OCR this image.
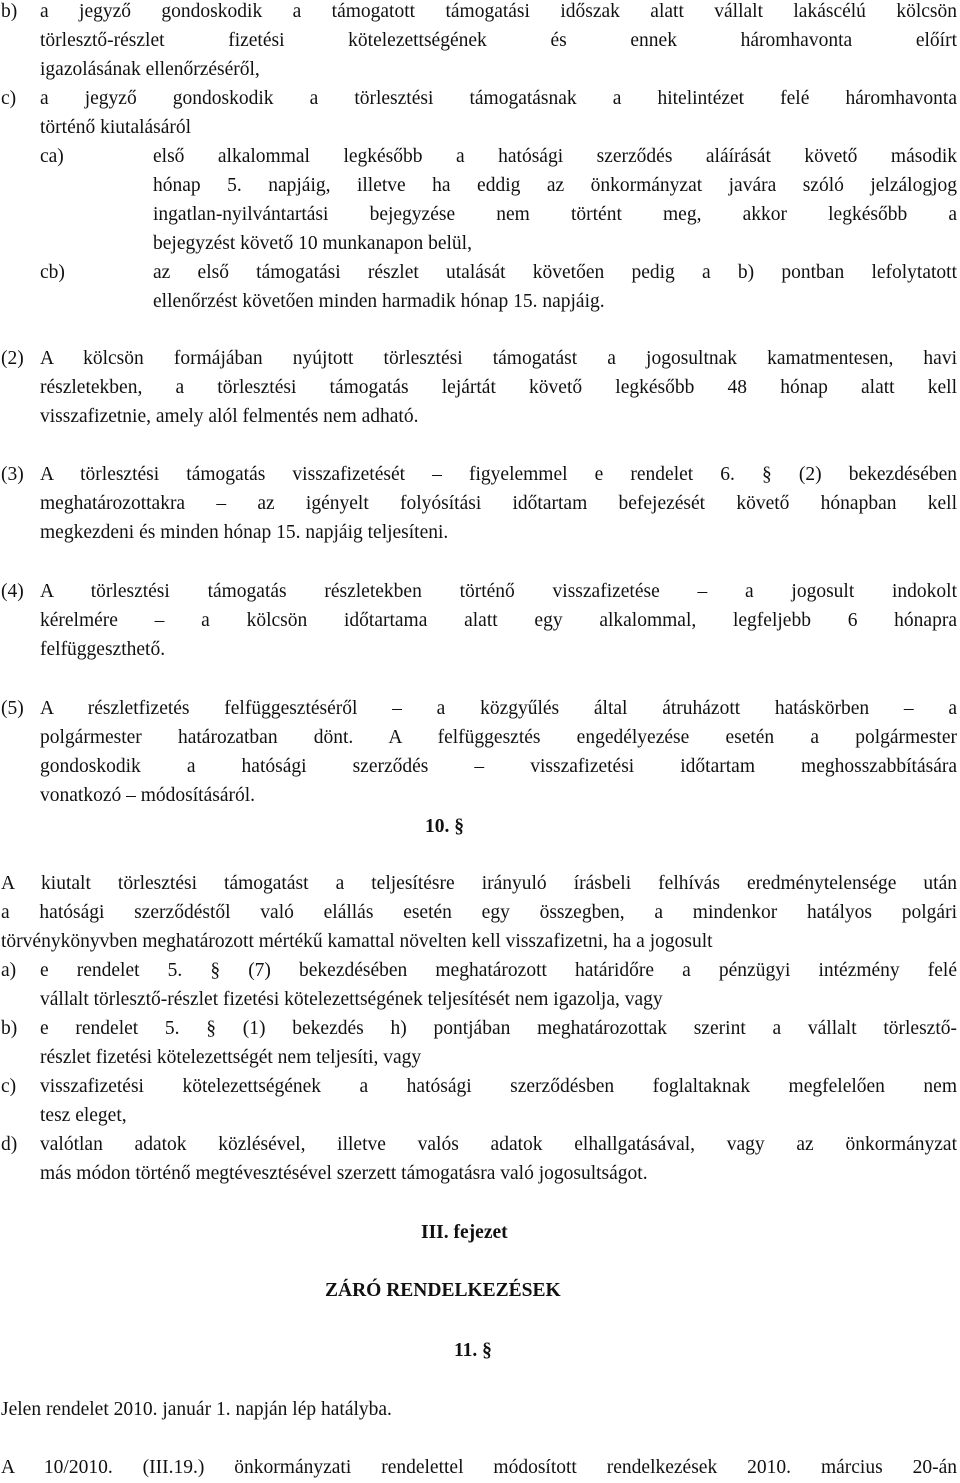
b) a jegyző gondoskodik a támogatott támogatási időszak alatt vállalt lakáscélú kölcsön
törlesztő-részlet fizetési kötelezettségének és ennek háromhavonta előírt
igazolásának ellenőrzéséről,
c) a jegyző gondoskodik a törlesztési támogatásnak a hitelintézet felé háromhavonta
történő kiutalásáról
ca)	első alkalommal legkésőbb a hatósági szerződés aláírását követő második
hónap 5. napjáig, illetve ha eddig az önkormányzat javára szóló jelzálogjog
ingatlan-nyilvántartási bejegyzése nem történt meg, akkor legkésőbb a
bejegyzést követő 10 munkanapon belül,
cb)	az első támogatási részlet utalását követően pedig a b) pontban lefolytatott
ellenőrzést követően minden harmadik hónap 15. napjáig.
(2) A kölcsön formájában nyújtott törlesztési támogatást a jogosultnak kamatmentesen, havi
részletekben, a törlesztési támogatás lejártát követő legkésőbb 48 hónap alatt kell
visszafizetnie, amely alól felmentés nem adható.
(3) A törlesztési támogatás visszafizetését – figyelemmel e rendelet 6. § (2) bekezdésében
meghatározottakra – az igényelt folyósítási időtartam befejezését követő hónapban kell
megkezdeni és minden hónap 15. napjáig teljesíteni.
(4) A törlesztési támogatás részletekben történő visszafizetése – a jogosult indokolt
kérelmére – a kölcsön időtartama alatt egy alkalommal, legfeljebb 6 hónapra
felfüggeszthető.
(5) A részletfizetés felfüggesztéséről – a közgyűlés által átruházott hatáskörben – a
polgármester határozatban dönt. A felfüggesztés engedélyezése esetén a polgármester
gondoskodik a hatósági szerződés – visszafizetési időtartam meghosszabbítására
vonatkozó – módosításáról.
10. §
A kiutalt törlesztési támogatást a teljesítésre irányuló írásbeli felhívás eredménytelensége után
a hatósági szerződéstől való elállás esetén egy összegben, a mindenkor hatályos polgári
törvénykönyvben meghatározott mértékű kamattal növelten kell visszafizetni, ha a jogosult
a) e rendelet 5. § (7) bekezdésében meghatározott határidőre a pénzügyi intézmény felé
vállalt törlesztő-részlet fizetési kötelezettségének teljesítését nem igazolja, vagy
b) e rendelet 5. § (1) bekezdés h) pontjában meghatározottak szerint a vállalt törlesztő-
részlet fizetési kötelezettségét nem teljesíti, vagy
c) visszafizetési kötelezettségének a hatósági szerződésben foglaltaknak megfelelően nem
tesz eleget,
d) valótlan adatok közlésével, illetve valós adatok elhallgatásával, vagy az önkormányzat
más módon történő megtévesztésével szerzett támogatásra való jogosultságot.
III. fejezet
ZÁRÓ RENDELKEZÉSEK
11. §
Jelen rendelet 2010. január 1. napján lép hatályba.
A 10/2010. (III.19.) önkormányzati rendelettel módosított rendelkezések 2010. március 20-án
